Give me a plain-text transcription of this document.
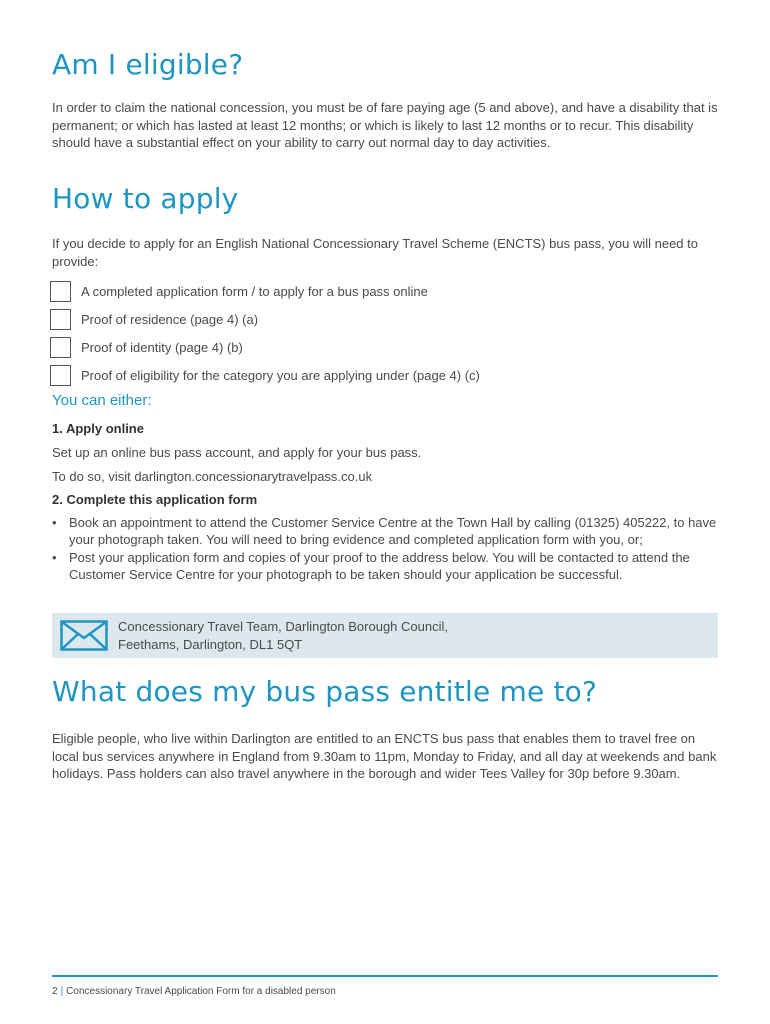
Am I eligible?

In order to claim the national concession, you must be of fare paying age (5 and above), and have a disability that is permanent; or which has lasted at least 12 months; or which is likely to last 12 months or to recur. This disability should have a substantial effect on your ability to carry out normal day to day activities.

How to apply

If you decide to apply for an English National Concessionary Travel Scheme (ENCTS) bus pass, you will need to provide:

A completed application form / to apply for a bus pass online
Proof of residence (page 4) (a)
Proof of identity (page 4) (b)
Proof of eligibility for the category you are applying under (page 4) (c)
You can either:
1. Apply online
Set up an online bus pass account, and apply for your bus pass.
To do so, visit darlington.concessionarytravelpass.co.uk
2. Complete this application form
• Book an appointment to attend the Customer Service Centre at the Town Hall by calling (01325) 405222, to have your photograph taken. You will need to bring evidence and completed application form with you, or;
• Post your application form and copies of your proof to the address below. You will be contacted to attend the Customer Service Centre for your photograph to be taken should your application be successful.
Concessionary Travel Team, Darlington Borough Council,
Feethams, Darlington, DL1 5QT
What does my bus pass entitle me to?

Eligible people, who live within Darlington are entitled to an ENCTS bus pass that enables them to travel free on local bus services anywhere in England from 9.30am to 11pm, Monday to Friday, and all day at weekends and bank holidays. Pass holders can also travel anywhere in the borough and wider Tees Valley for 30p before 9.30am.

2 | Concessionary Travel Application Form for a disabled person
